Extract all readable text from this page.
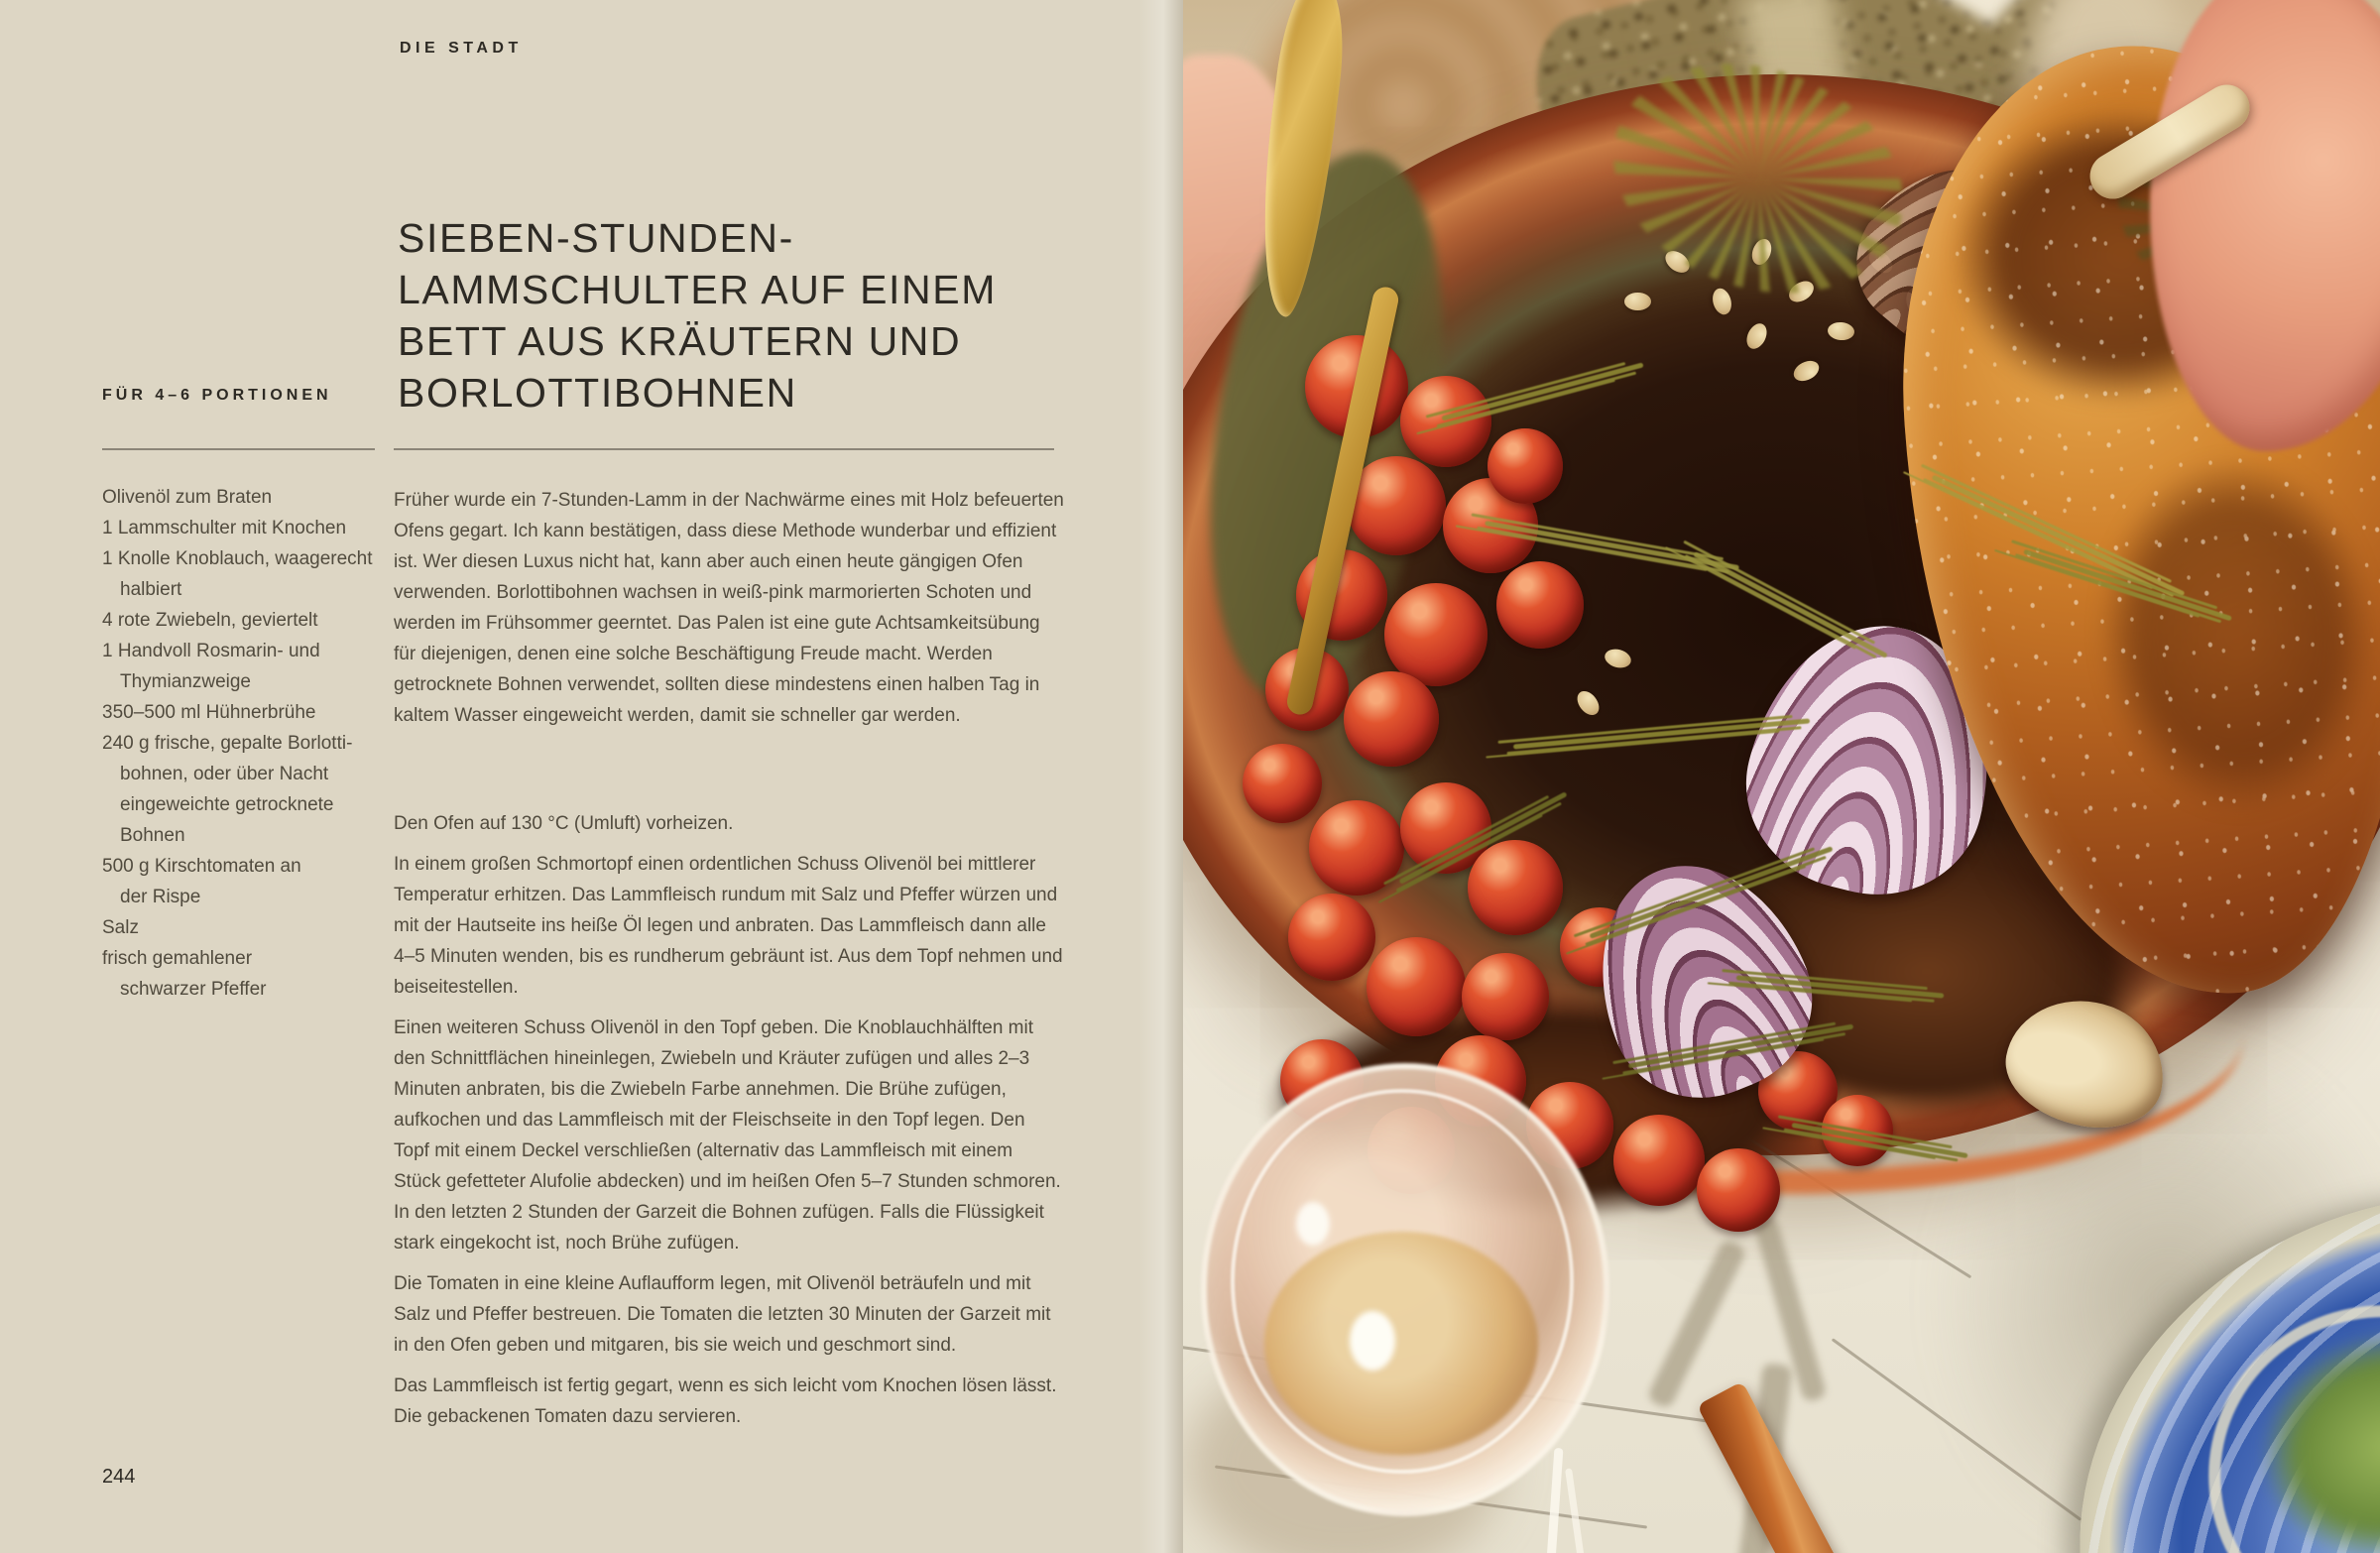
DIE STADT
SIEBEN-STUNDEN-
LAMMSCHULTER AUF EINEM
BETT AUS KRÄUTERN UND
BORLOTTIBOHNEN
FÜR 4–6 PORTIONEN
Olivenöl zum Braten
1 Lammschulter mit Knochen
1 Knolle Knoblauch, waagerecht
halbiert
4 rote Zwiebeln, geviertelt
1 Handvoll Rosmarin- und
Thymianzweige
350–500 ml Hühnerbrühe
240 g frische, gepalte Borlotti-
bohnen, oder über Nacht
eingeweichte getrocknete
Bohnen
500 g Kirschtomaten an
der Rispe
Salz
frisch gemahlener
schwarzer Pfeffer

Früher wurde ein 7-Stunden-Lamm in der Nachwärme eines mit Holz befeuerten Ofens gegart. Ich kann bestätigen, dass diese Methode wunderbar und effizient ist. Wer diesen Luxus nicht hat, kann aber auch einen heute gängigen Ofen verwenden. Borlottibohnen wachsen in weiß-pink marmorierten Schoten und werden im Frühsommer geerntet. Das Palen ist eine gute Achtsamkeitsübung für diejenigen, denen eine solche Beschäftigung Freude macht. Werden getrocknete Bohnen verwendet, sollten diese mindestens einen halben Tag in kaltem Wasser eingeweicht werden, damit sie schneller gar werden.

Den Ofen auf 130 °C (Umluft) vorheizen.

In einem großen Schmortopf einen ordentlichen Schuss Olivenöl bei mittlerer Temperatur erhitzen. Das Lammfleisch rundum mit Salz und Pfeffer würzen und mit der Hautseite ins heiße Öl legen und anbraten. Das Lammfleisch dann alle 4–5 Minuten wenden, bis es rundherum gebräunt ist. Aus dem Topf nehmen und beiseitestellen.

Einen weiteren Schuss Olivenöl in den Topf geben. Die Knoblauchhälften mit den Schnittflächen hineinlegen, Zwiebeln und Kräuter zufügen und alles 2–3 Minuten anbraten, bis die Zwiebeln Farbe annehmen. Die Brühe zufügen, aufkochen und das Lammfleisch mit der Fleischseite in den Topf legen. Den Topf mit einem Deckel verschließen (alternativ das Lammfleisch mit einem Stück gefetteter Alufolie abdecken) und im heißen Ofen 5–7 Stunden schmoren. In den letzten 2 Stunden der Garzeit die Bohnen zufügen. Falls die Flüssigkeit stark eingekocht ist, noch Brühe zufügen.

Die Tomaten in eine kleine Auflaufform legen, mit Olivenöl beträufeln und mit Salz und Pfeffer bestreuen. Die Tomaten die letzten 30 Minuten der Garzeit mit in den Ofen geben und mitgaren, bis sie weich und geschmort sind.

Das Lammfleisch ist fertig gegart, wenn es sich leicht vom Knochen lösen lässt. Die gebackenen Tomaten dazu servieren.

244
